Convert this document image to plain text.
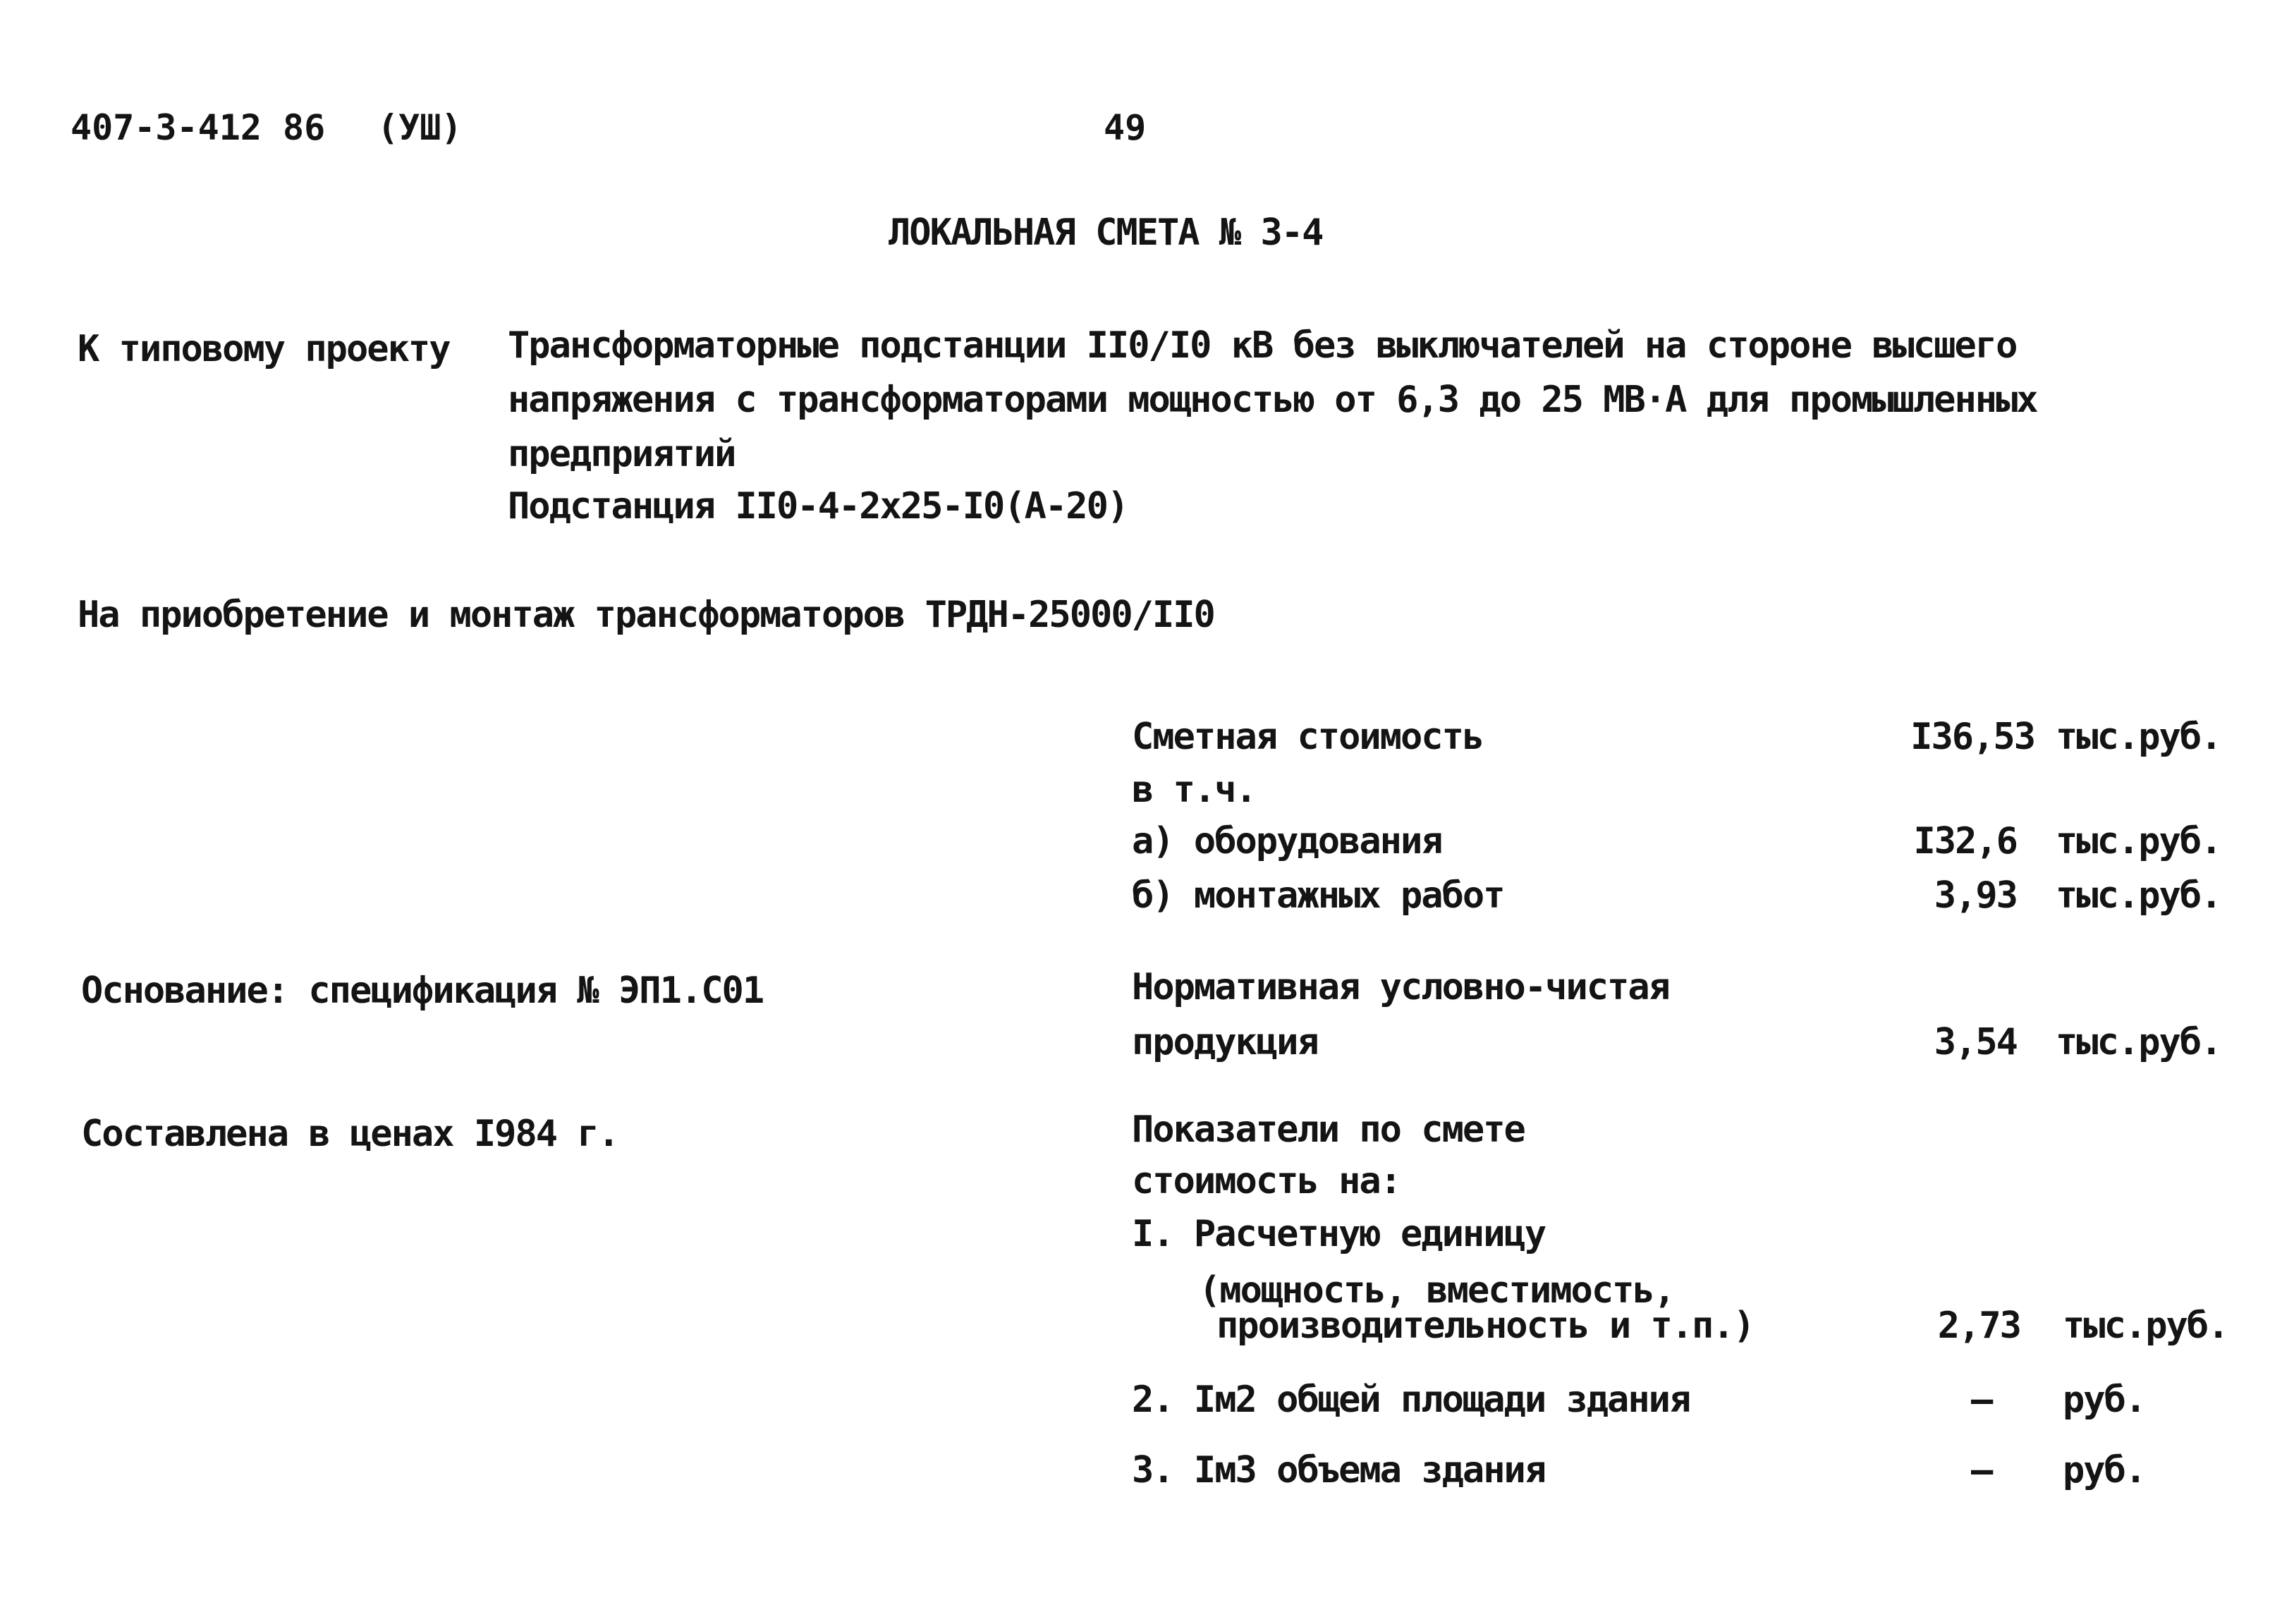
407-3-412 86 (УШ)	49
ЛОКАЛЬНАЯ СМЕТА № 3-4
К типовому проекту Трансформаторные подстанции II0/I0 кВ без выключателей на стороне высшего
напряжения с трансформаторами мощностью от 6,3 до 25 МВ·А для промышленных
предприятий
Подстанция II0-4-2x25-I0(А-20)
На приобретение и монтаж трансформаторов ТРДН-25000/II0
Основание: спецификация № ЭП1.С01
Составлена в ценах I984 г.
Сметная стоимость	I36,53 тыс.руб.
в т.ч.
а) оборудования	I32,6 тыс.руб.
б) монтажных работ	3,93 тыс.руб.
Нормативная условно-чистая
продукция	3,54 тыс.руб.
Показатели по смете
стоимость на:
I. Расчетную единицу
(мощность, вместимость,
производительность и т.п.)	2,73 тыс.руб.
2. Iм2 общей площади здания	– руб.
3. Iм3 объема здания	– руб.
